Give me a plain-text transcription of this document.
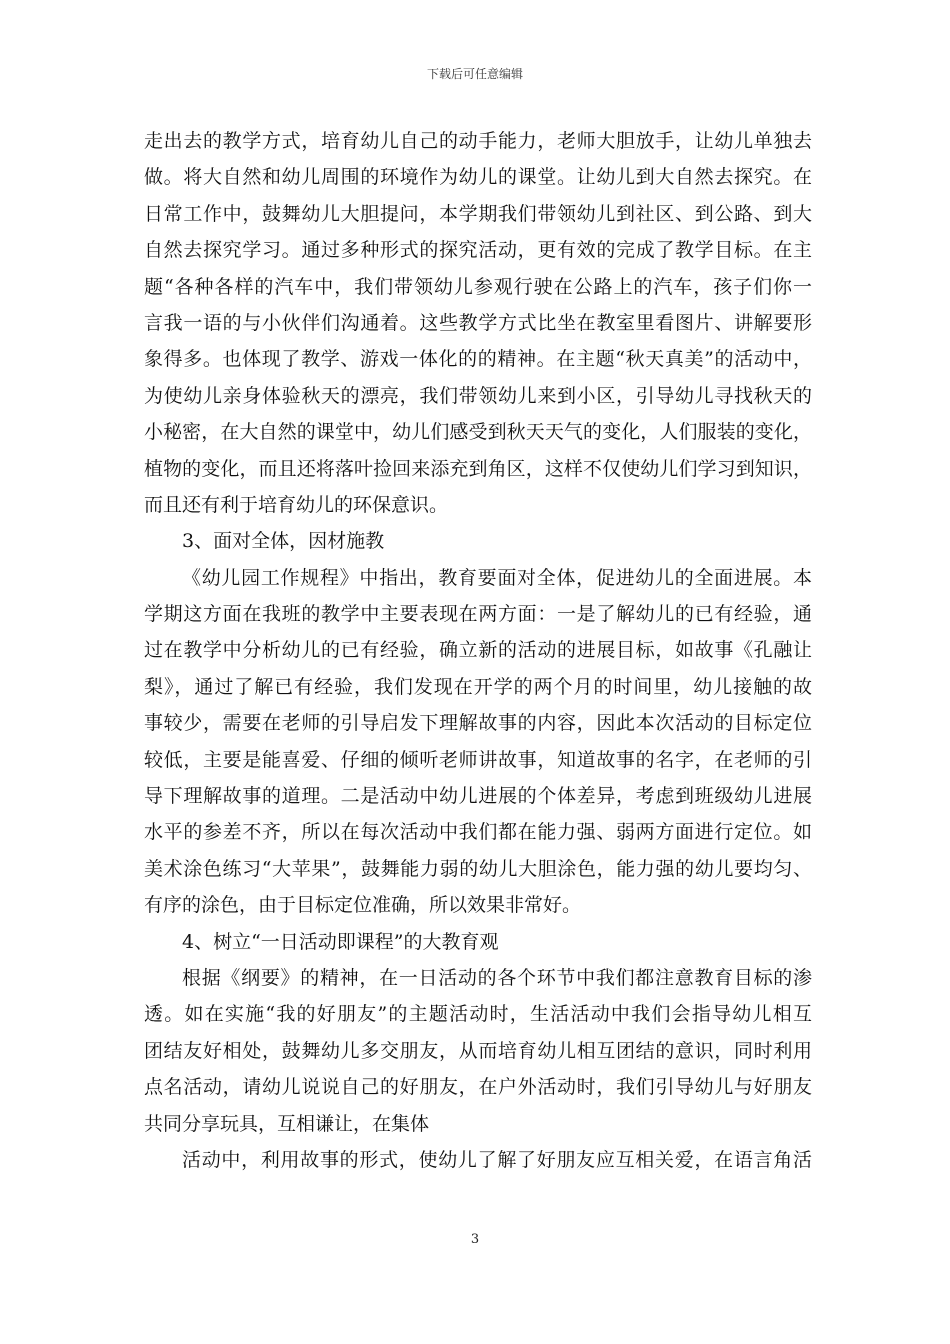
下载后可任意编辑
走出去的教学方式，培育幼儿自己的动手能力，老师大胆放手，让幼儿单独去
做。将大自然和幼儿周围的环境作为幼儿的课堂。让幼儿到大自然去探究。在
日常工作中，鼓舞幼儿大胆提问，本学期我们带领幼儿到社区、到公路、到大
自然去探究学习。通过多种形式的探究活动，更有效的完成了教学目标。在主
题“各种各样的汽车中，我们带领幼儿参观行驶在公路上的汽车，孩子们你一
言我一语的与小伙伴们沟通着。这些教学方式比坐在教室里看图片、讲解要形
象得多。也体现了教学、游戏一体化的的精神。在主题“秋天真美”的活动中，
为使幼儿亲身体验秋天的漂亮，我们带领幼儿来到小区，引导幼儿寻找秋天的
小秘密，在大自然的课堂中，幼儿们感受到秋天天气的变化，人们服装的变化，
植物的变化，而且还将落叶捡回来添充到角区，这样不仅使幼儿们学习到知识，
而且还有利于培育幼儿的环保意识。
3、面对全体，因材施教
《幼儿园工作规程》中指出，教育要面对全体，促进幼儿的全面进展。本
学期这方面在我班的教学中主要表现在两方面：一是了解幼儿的已有经验，通
过在教学中分析幼儿的已有经验，确立新的活动的进展目标，如故事《孔融让
梨》，通过了解已有经验，我们发现在开学的两个月的时间里，幼儿接触的故
事较少，需要在老师的引导启发下理解故事的内容，因此本次活动的目标定位
较低，主要是能喜爱、仔细的倾听老师讲故事，知道故事的名字，在老师的引
导下理解故事的道理。二是活动中幼儿进展的个体差异，考虑到班级幼儿进展
水平的参差不齐，所以在每次活动中我们都在能力强、弱两方面进行定位。如
美术涂色练习“大苹果”，鼓舞能力弱的幼儿大胆涂色，能力强的幼儿要均匀、
有序的涂色，由于目标定位准确，所以效果非常好。
4、树立“一日活动即课程”的大教育观
根据《纲要》的精神，在一日活动的各个环节中我们都注意教育目标的渗
透。如在实施“我的好朋友”的主题活动时，生活活动中我们会指导幼儿相互
团结友好相处，鼓舞幼儿多交朋友，从而培育幼儿相互团结的意识，同时利用
点名活动，请幼儿说说自己的好朋友，在户外活动时，我们引导幼儿与好朋友
共同分享玩具，互相谦让，在集体
活动中，利用故事的形式，使幼儿了解了好朋友应互相关爱，在语言角活
3
